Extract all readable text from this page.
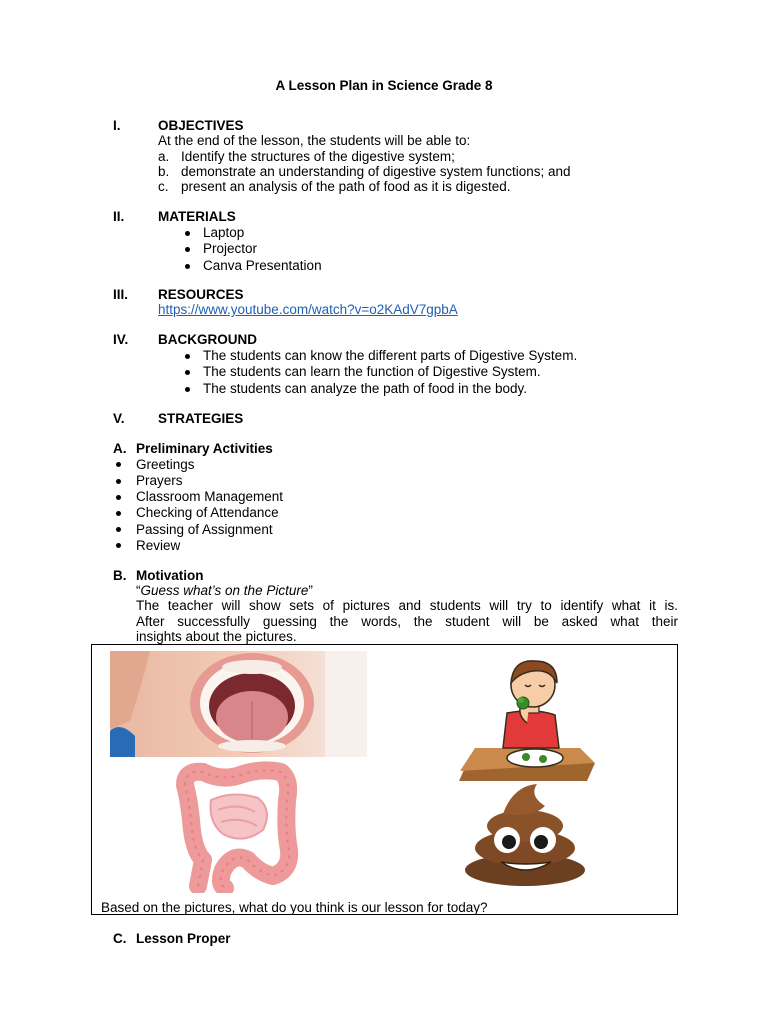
A Lesson Plan in Science Grade 8
I.	OBJECTIVES
At the end of the lesson, the students will be able to:
a. Identify the structures of the digestive system;
b. demonstrate an understanding of digestive system functions; and
c. present an analysis of the path of food as it is digested.
II. MATERIALS
Laptop
Projector
Canva Presentation
III. RESOURCES
https://www.youtube.com/watch?v=o2KAdV7gpbA
IV. BACKGROUND
The students can know the different parts of Digestive System.
The students can learn the function of Digestive System.
The students can analyze the path of food in the body.
V. STRATEGIES
A. Preliminary Activities
Greetings
Prayers
Classroom Management
Checking of Attendance
Passing of Assignment
Review
B. Motivation
“Guess what’s on the Picture”
The teacher will show sets of pictures and students will try to identify what it is.
After successfully guessing the words, the student will be asked what their
insights about the pictures.
Based on the pictures, what do you think is our lesson for today?
C. Lesson Proper
